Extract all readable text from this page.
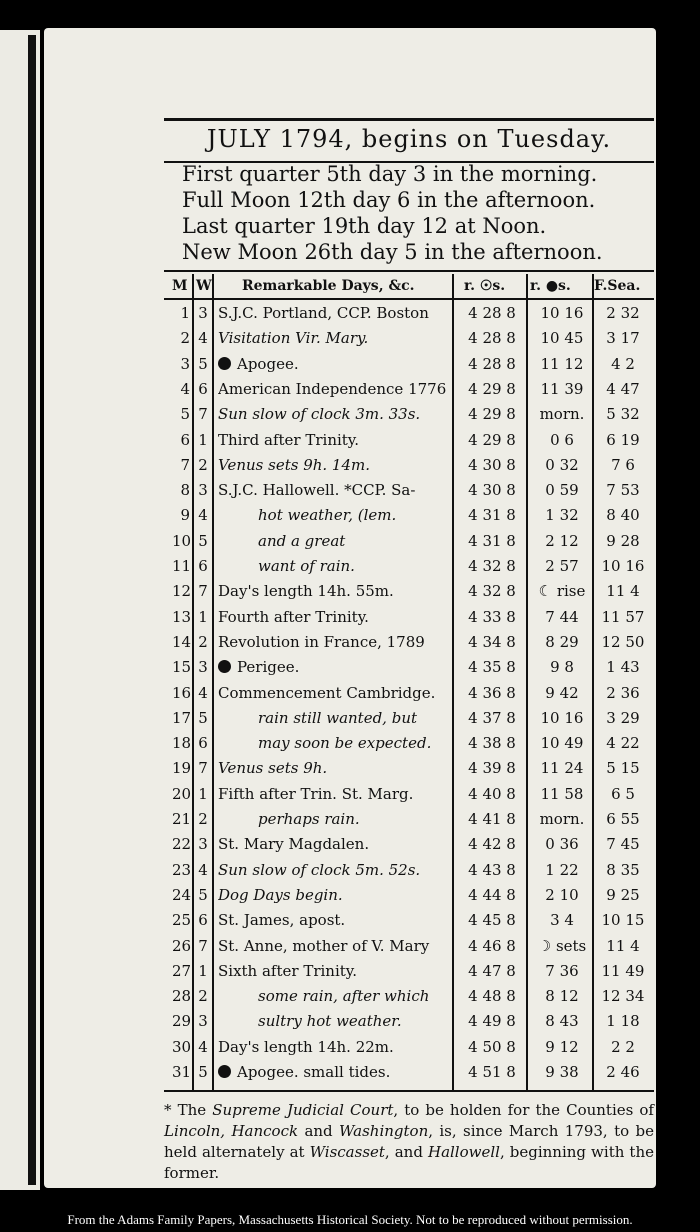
JULY 1794, begins on Tuesday.
First quarter 5th day 3 in the morning.
Full Moon 12th day 6 in the afternoon.
Last quarter 19th day 12 at Noon.
New Moon 26th day 5 in the afternoon.
M W Remarkable Days, &c.	r. ☉s. r. ●s. F.Sea.
1 3 S.J.C. Portland, CCP. Boston	4 28 8	10 16	2 32
2 4 Visitation Vir. Mary.	4 28 8	10 45	3 17
3 5	Apogee.	4 28 8	11 12	4 2
4 6 American Independence 1776	4 29 8	11 39	4 47
5 7 Sun slow of clock 3m. 33s.	4 29 8	morn.	5 32
6 1 Third after Trinity.	4 29 8	0 6	6 19
7 2 Venus sets 9h. 14m.	4 30 8	0 32	7 6
8 3 S.J.C. Hallowell. *CCP. Sa-	4 30 8	0 59	7 53
9 4	hot weather, (lem.	4 31 8	1 32	8 40
10 5	and a great	4 31 8	2 12	9 28
11 6	want of rain.	4 32 8	2 57	10 16
12 7 Day's length 14h. 55m.	4 32 8	☾ rise	11 4
13 1 Fourth after Trinity.	4 33 8	7 44	11 57
14 2 Revolution in France, 1789	4 34 8	8 29	12 50
15 3	Perigee.	4 35 8	9 8	1 43
16 4 Commencement Cambridge.	4 36 8	9 42	2 36
17 5	rain still wanted, but	4 37 8	10 16	3 29
18 6	may soon be expected.	4 38 8	10 49	4 22
19 7 Venus sets 9h.	4 39 8	11 24	5 15
20 1 Fifth after Trin. St. Marg.	4 40 8	11 58	6 5
21 2	perhaps rain.	4 41 8	morn.	6 55
22 3 St. Mary Magdalen.	4 42 8	0 36	7 45
23 4 Sun slow of clock 5m. 52s.	4 43 8	1 22	8 35
24 5 Dog Days begin.	4 44 8	2 10	9 25
25 6 St. James, apost.	4 45 8	3 4	10 15
26 7 St. Anne, mother of V. Mary	4 46 8	☽ sets	11 4
27 1 Sixth after Trinity.	4 47 8	7 36	11 49
28 2	some rain, after which	4 48 8	8 12	12 34
29 3	sultry hot weather.	4 49 8	8 43	1 18
30 4 Day's length 14h. 22m.	4 50 8	9 12	2 2
31 5	Apogee. small tides.	4 51 8	9 38	2 46
* The Supreme Judicial Court, to be holden for the Counties of Lincoln, Hancock and Washington, is, since March 1793, to be held alternately at Wiscasset, and Hallowell, beginning with the former.
From the Adams Family Papers, Massachusetts Historical Society. Not to be reproduced without permission.
